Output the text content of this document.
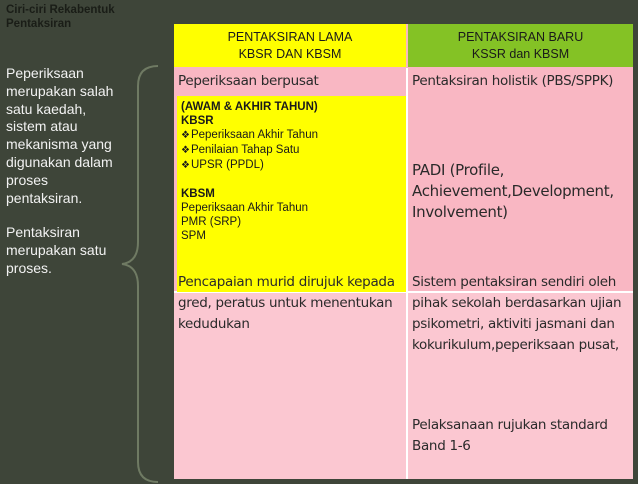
Ciri-ciri Rekabentuk
Pentaksiran

Peperiksaan merupakan salah satu kaedah, sistem atau mekanisma yang digunakan dalam proses pentaksiran.

Pentaksiran merupakan satu proses.

PENTAKSIRAN LAMA
KBSR DAN KBSM
PENTAKSIRAN BARU
KSSR dan KBSM
Peperiksaan berpusat
(AWAM & AKHIR TAHUN)
KBSR
❖Peperiksaan Akhir Tahun
❖Penilaian Tahap Satu
❖UPSR (PPDL)
KBSM
Peperiksaan Akhir Tahun
PMR (SRP)
SPM
Pentaksiran holistik (PBS/SPPK)
PADI (Profile, Achievement,Development, Involvement)
Pencapaian murid dirujuk kepada gred, peratus untuk menentukan kedudukan
Sistem pentaksiran sendiri oleh pihak sekolah berdasarkan ujian psikometri, aktiviti jasmani dan kokurikulum,peperiksaan pusat,
Pelaksanaan rujukan standard Band 1-6
